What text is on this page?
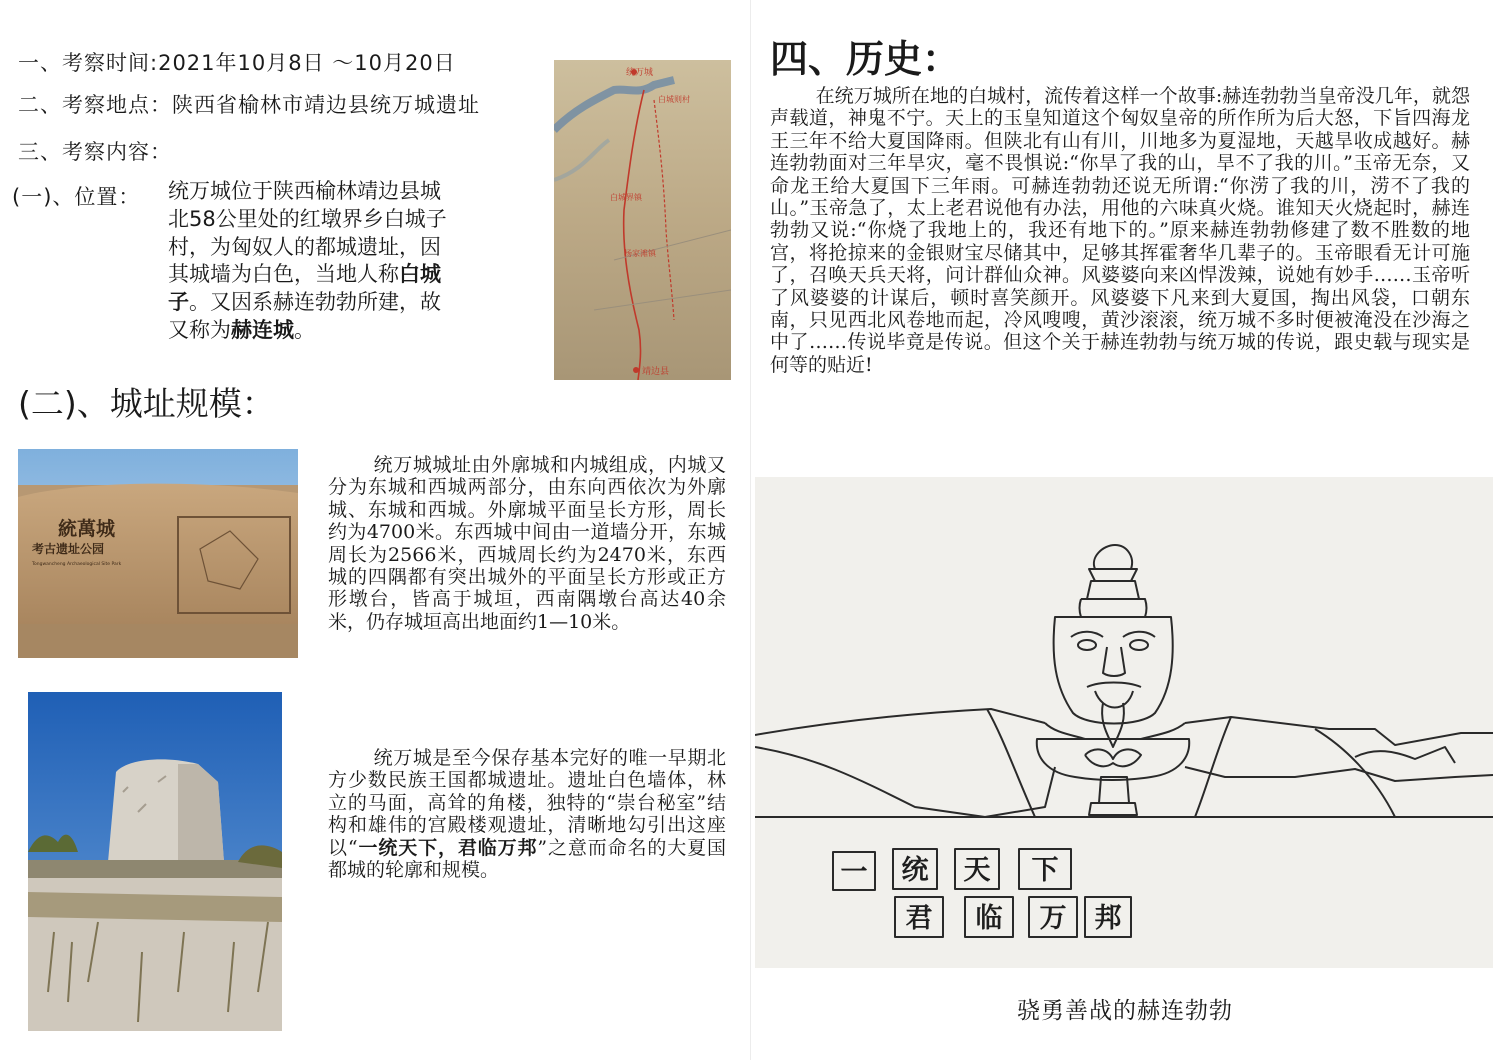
一、考察时间:2021年10月8日 ～10月20日
二、考察地点：陕西省榆林市靖边县统万城遗址
三、考察内容：
(一)、位置： 统万城位于陕西榆林靖边县城
北58公里处的红墩界乡白城子
村，为匈奴人的都城遗址，因
其城墙为白色，当地人称白城
子。又因系赫连勃勃所建，故
又称为赫连城。
统万城
白城则村
白城界镇
杨家滩镇
靖边县
(二)、城址规模：
統萬城
考古遗址公园
Tongwancheng Archaeological Site Park

统万城城址由外廓城和内城组成，内城又分为东城和西城两部分，由东向西依次为外廓城、东城和西城。外廓城平面呈长方形，周长约为4700米。东西城中间由一道墙分开，东城周长为2566米，西城周长约为2470米，东西城的四隅都有突出城外的平面呈长方形或正方形墩台，皆高于城垣，西南隅墩台高达40余米，仍存城垣高出地面约1—10米。

统万城是至今保存基本完好的唯一早期北方少数民族王国都城遗址。遗址白色墙体，林立的马面，高耸的角楼，独特的“崇台秘室”结构和雄伟的宫殿楼观遗址，清晰地勾引出这座以“一统天下，君临万邦”之意而命名的大夏国都城的轮廓和规模。

四、历史：

在统万城所在地的白城村，流传着这样一个故事:赫连勃勃当皇帝没几年，就怨声载道，神鬼不宁。天上的玉皇知道这个匈奴皇帝的所作所为后大怒，下旨四海龙王三年不给大夏国降雨。但陕北有山有川，川地多为夏湿地，天越旱收成越好。赫连勃勃面对三年旱灾，毫不畏惧说:“你旱了我的山，旱不了我的川。”玉帝无奈，又命龙王给大夏国下三年雨。可赫连勃勃还说无所谓:“你涝了我的川，涝不了我的山。”玉帝急了，太上老君说他有办法，用他的六味真火烧。谁知天火烧起时，赫连勃勃又说:“你烧了我地上的，我还有地下的。”原来赫连勃勃修建了数不胜数的地宫，将抢掠来的金银财宝尽储其中，足够其挥霍奢华几辈子的。玉帝眼看无计可施了，召唤天兵天将，问计群仙众神。风婆婆向来凶悍泼辣，说她有妙手……玉帝听了风婆婆的计谋后，顿时喜笑颜开。风婆婆下凡来到大夏国，掏出风袋，口朝东南，只见西北风卷地而起，冷风嗖嗖，黄沙滚滚，统万城不多时便被淹没在沙海之中了……传说毕竟是传说。但这个关于赫连勃勃与统万城的传说，跟史载与现实是何等的贴近!

一 统 天 下
君 临 万 邦
骁勇善战的赫连勃勃
